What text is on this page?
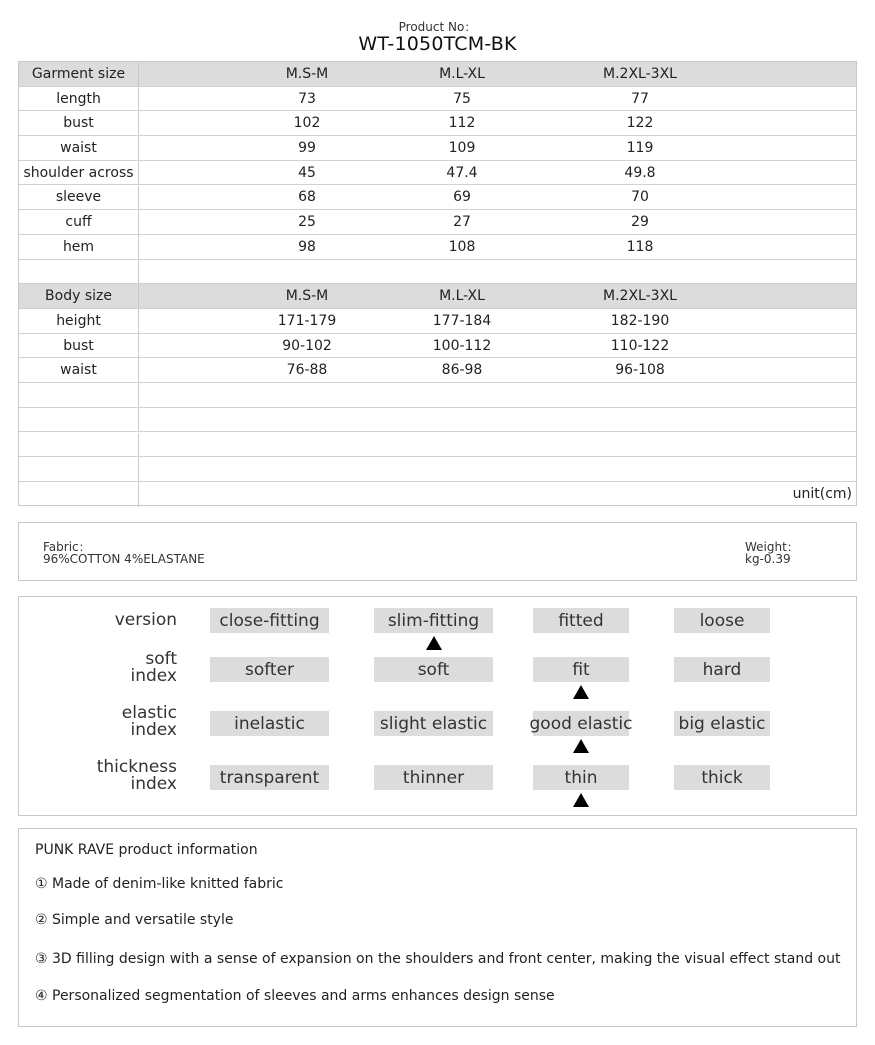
Product No：
WT-1050TCM-BK
Garment size	M.S-M	M.L-XL	M.2XL-3XL
length	73	75	77
bust	102	112	122
waist	99	109	119
shoulder across	45	47.4	49.8
sleeve	68	69	70
cuff	25	27	29
hem	98	108	118
Body size	M.S-M	M.L-XL	M.2XL-3XL
height	171-179	177-184	182-190
bust	90-102	100-112	110-122
waist	76-88	86-98	96-108
unit(cm)
Fabric：
96%COTTON 4%ELASTANE
Weight：
kg-0.39
version	close-fitting	slim-fitting	fitted	loose
soft
index	softer	soft	fit	hard
elastic
index	inelastic	slight elastic	good elastic	big elastic
thickness
index	transparent	thinner	thin	thick
PUNK RAVE product information
① Made of denim-like knitted fabric
② Simple and versatile style
③ 3D filling design with a sense of expansion on the shoulders and front center, making the visual effect stand out
④ Personalized segmentation of sleeves and arms enhances design sense
